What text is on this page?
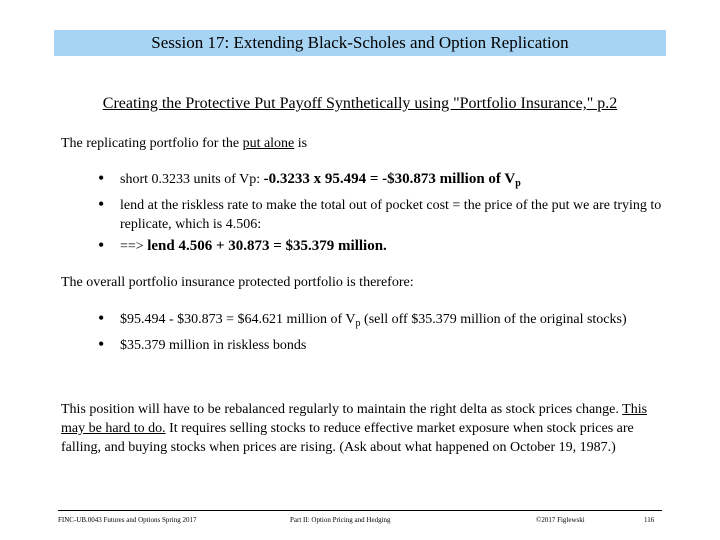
Session 17: Extending Black-Scholes and Option Replication
Creating the Protective Put Payoff Synthetically using "Portfolio Insurance," p.2

The replicating portfolio for the put alone is

• short 0.3233 units of Vp: -0.3233 x 95.494 = -$30.873 million of $V_p$
• lend at the riskless rate to make the total out of pocket cost = the price of the put we are trying to replicate, which is 4.506:
• ==> lend 4.506 + 30.873 = $35.379 million.

The overall portfolio insurance protected portfolio is therefore:

• $95.494 - $30.873 = $64.621 million of $V_p$ (sell off $35.379 million of the original stocks)
• $35.379 million in riskless bonds

This position will have to be rebalanced regularly to maintain the right delta as stock prices change. This may be hard to do. It requires selling stocks to reduce effective market exposure when stock prices are falling, and buying stocks when prices are rising. (Ask about what happened on October 19, 1987.)

FINC-UB.0043 Futures and Options Spring 2017	Part II: Option Pricing and Hedging	©2017 Figlewski	116
